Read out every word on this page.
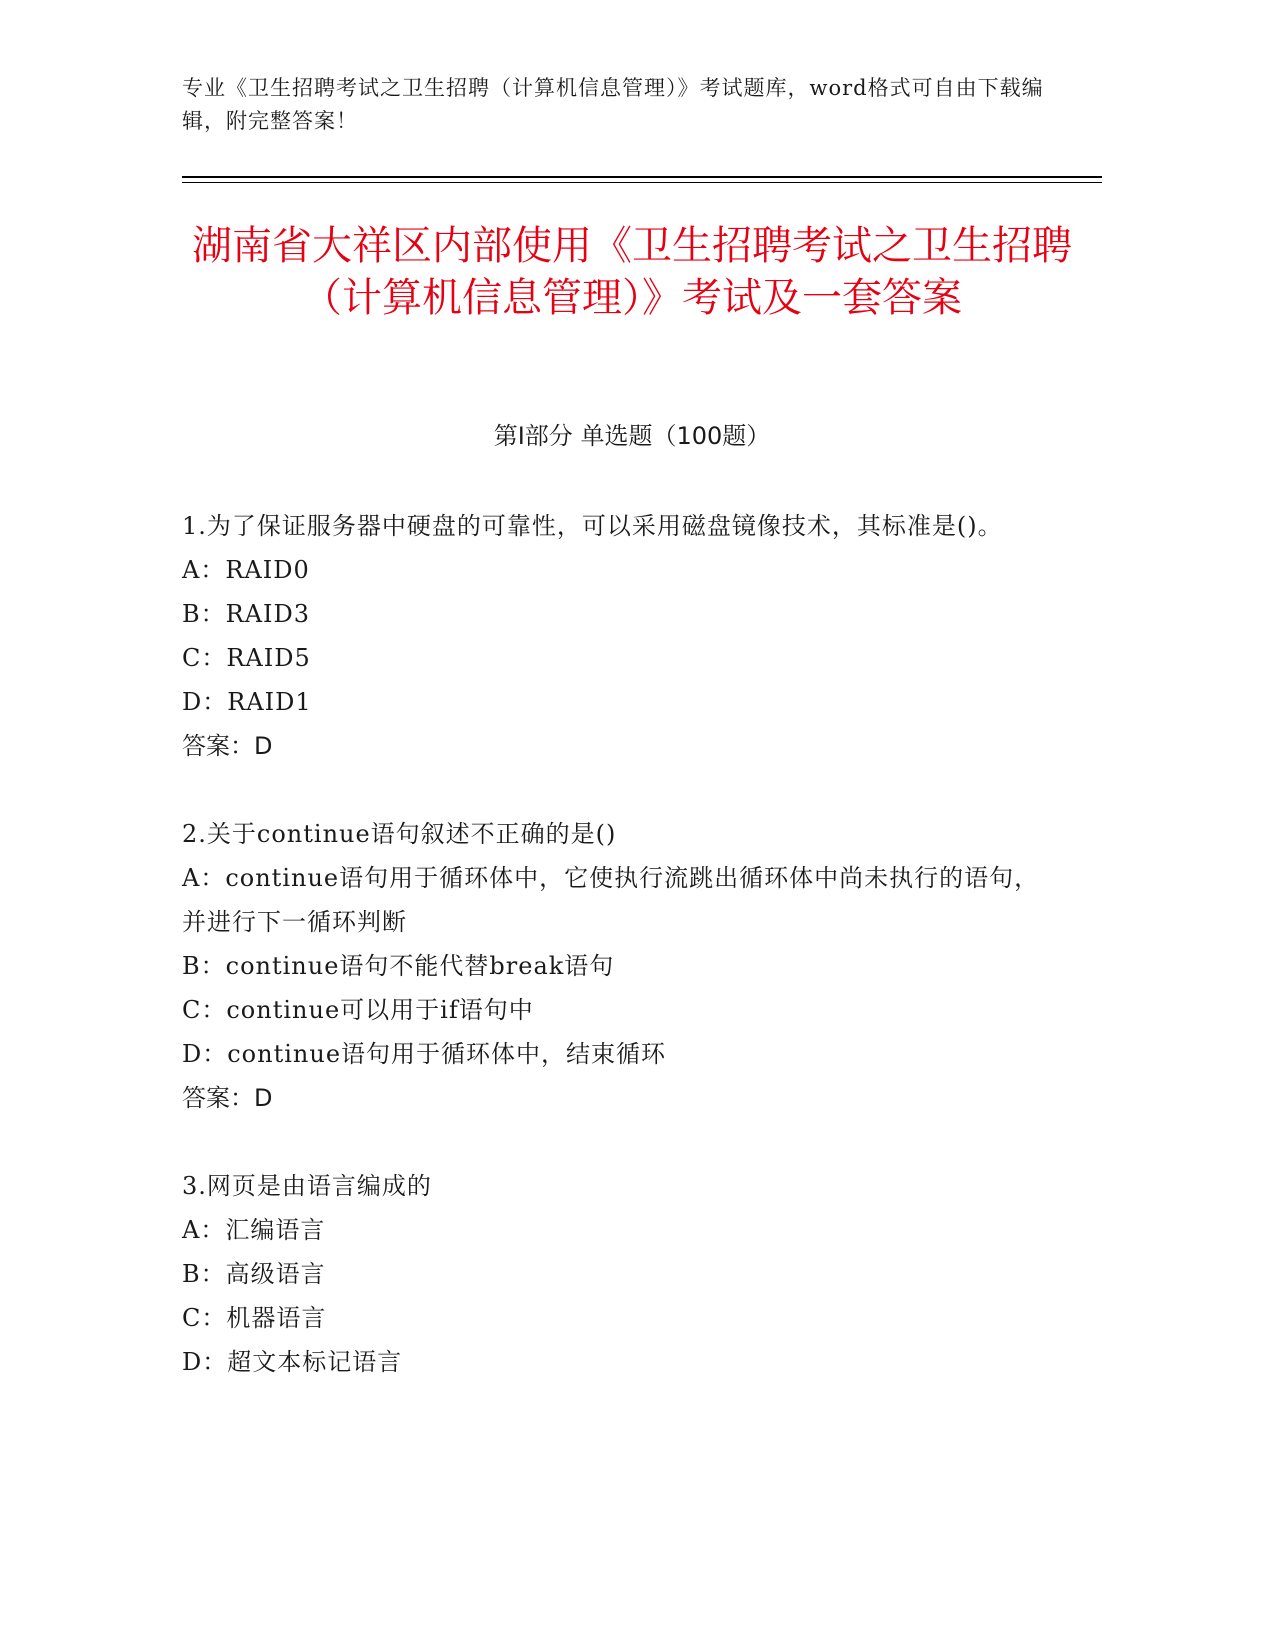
专业《卫生招聘考试之卫生招聘（计算机信息管理）》考试题库，word格式可自由下载编辑，附完整答案！
湖南省大祥区内部使用《卫生招聘考试之卫生招聘（计算机信息管理）》考试及一套答案
第I部分 单选题（100题）
1.为了保证服务器中硬盘的可靠性，可以采用磁盘镜像技术，其标准是()。
A：RAID0
B：RAID3
C：RAID5
D：RAID1
答案：D
2.关于continue语句叙述不正确的是()
A：continue语句用于循环体中，它使执行流跳出循环体中尚未执行的语句，并进行下一循环判断
B：continue语句不能代替break语句
C：continue可以用于if语句中
D：continue语句用于循环体中，结束循环
答案：D
3.网页是由语言编成的
A：汇编语言
B：高级语言
C：机器语言
D：超文本标记语言
